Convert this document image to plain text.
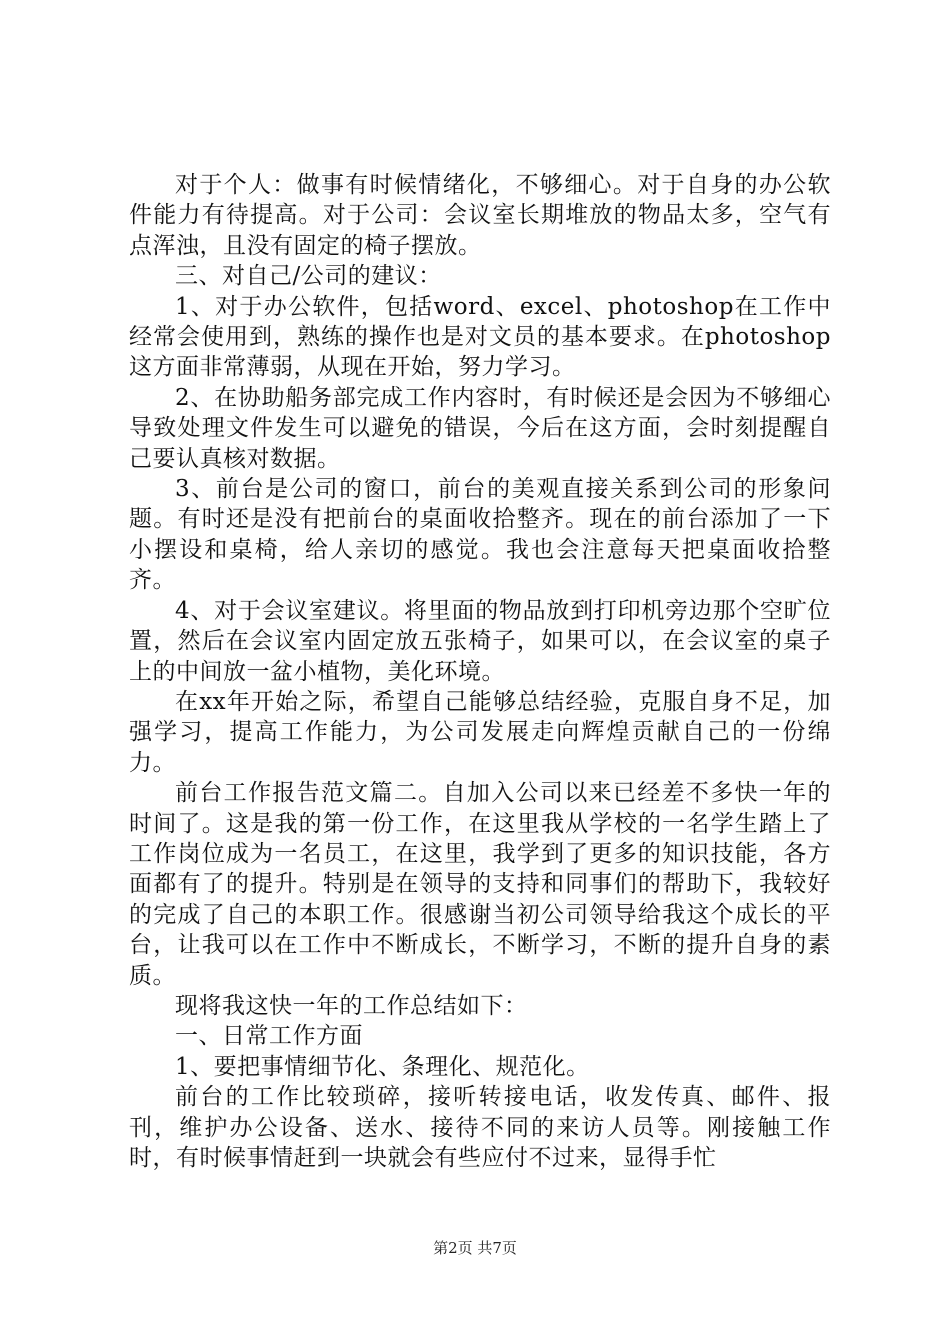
对于个人：做事有时候情绪化，不够细心。对于自身的办公软件能力有待提高。对于公司：会议室长期堆放的物品太多，空气有点浑浊，且没有固定的椅子摆放。

三、对自己/公司的建议：

1、对于办公软件，包括word、excel、photoshop在工作中经常会使用到，熟练的操作也是对文员的基本要求。在photoshop这方面非常薄弱，从现在开始，努力学习。

2、在协助船务部完成工作内容时，有时候还是会因为不够细心导致处理文件发生可以避免的错误，今后在这方面，会时刻提醒自己要认真核对数据。

3、前台是公司的窗口，前台的美观直接关系到公司的形象问题。有时还是没有把前台的桌面收拾整齐。现在的前台添加了一下小摆设和桌椅，给人亲切的感觉。我也会注意每天把桌面收拾整齐。

4、对于会议室建议。将里面的物品放到打印机旁边那个空旷位置，然后在会议室内固定放五张椅子，如果可以，在会议室的桌子上的中间放一盆小植物，美化环境。

在xx年开始之际，希望自己能够总结经验，克服自身不足，加强学习，提高工作能力，为公司发展走向辉煌贡献自己的一份绵力。

前台工作报告范文篇二。自加入公司以来已经差不多快一年的时间了。这是我的第一份工作，在这里我从学校的一名学生踏上了工作岗位成为一名员工，在这里，我学到了更多的知识技能，各方面都有了的提升。特别是在领导的支持和同事们的帮助下，我较好的完成了自己的本职工作。很感谢当初公司领导给我这个成长的平台，让我可以在工作中不断成长，不断学习，不断的提升自身的素质。

现将我这快一年的工作总结如下：

一、日常工作方面

1、要把事情细节化、条理化、规范化。

前台的工作比较琐碎，接听转接电话，收发传真、邮件、报刊，维护办公设备、送水、接待不同的来访人员等。刚接触工作时，有时候事情赶到一块就会有些应付不过来，显得手忙

第2页 共7页
